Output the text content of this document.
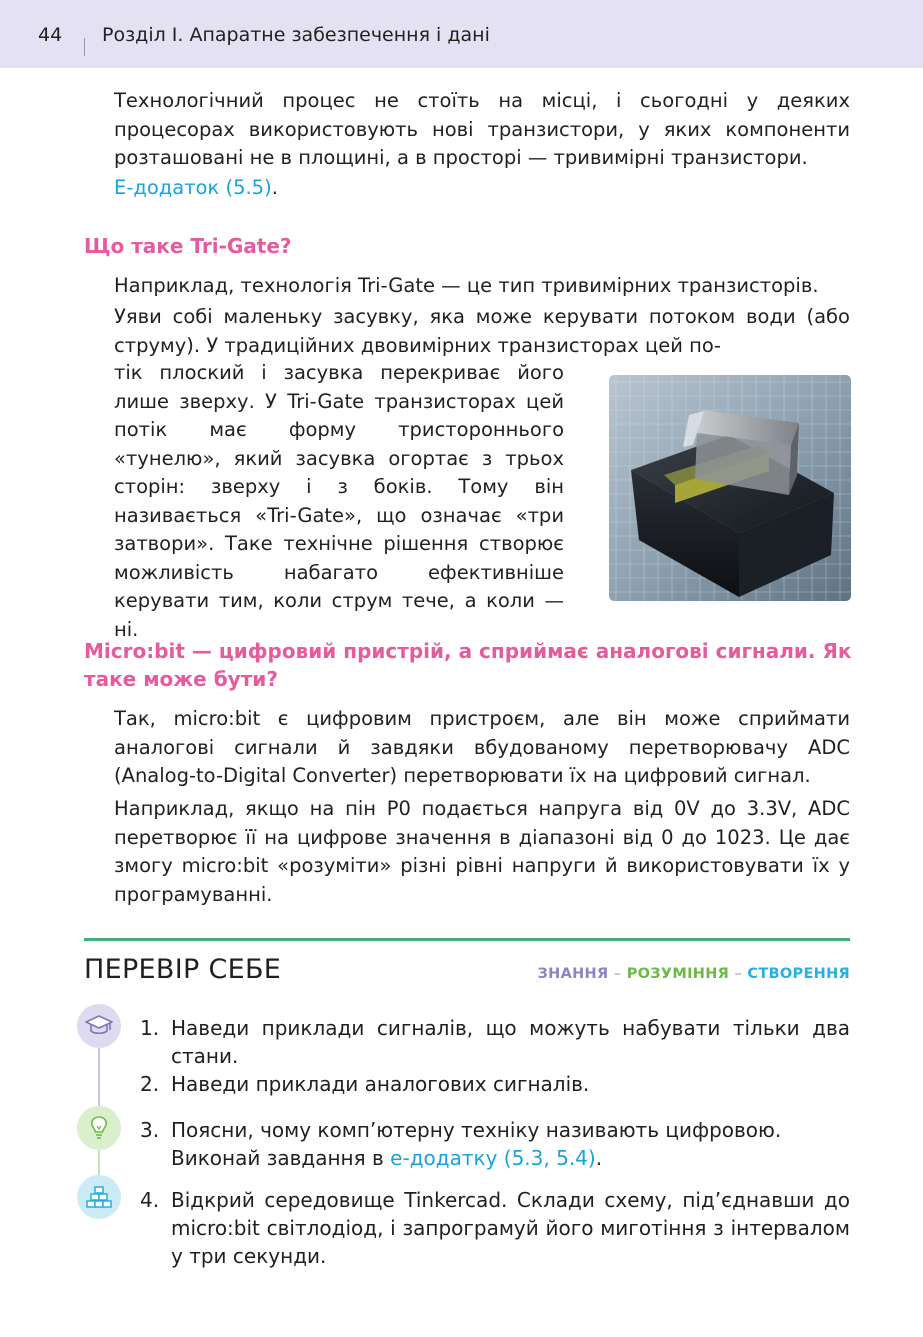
44 Розділ І. Апаратне забезпечення і дані
Технологічний процес не стоїть на місці, і сьогодні у деяких процесорах використовують нові транзистори, у яких компоненти розташовані не в площині, а в просторі — тривимірні транзистори.
Е-додаток (5.5).
Що таке Tri-Gate?
Наприклад, технологія Tri-Gate — це тип тривимірних транзисторів.
Уяви собі маленьку засувку, яка може керувати потоком води (або струму). У традиційних двовимірних транзисторах цей по-
тік плоский і засувка перекриває його лише зверху. У Tri-Gate транзисторах цей потік має форму тристороннього «тунелю», який засувка огортає з трьох сторін: зверху і з боків. Тому він називається «Tri-Gate», що означає «три затвори». Таке технічне рішення створює можливість набагато ефективніше керувати тим, коли струм тече, а коли — ні.
Micro:bit — цифровий пристрій, а сприймає аналогові сигнали. Як таке може бути?
Так, micro:bit є цифровим пристроєм, але він може сприймати аналогові сигнали й завдяки вбудованому перетворювачу ADC (Analog-to-Digital Converter) перетворювати їх на цифровий сигнал.
Наприклад, якщо на пін P0 подається напруга від 0V до 3.3V, ADC перетворює її на цифрове значення в діапазоні від 0 до 1023. Це дає змогу micro:bit «розуміти» різні рівні напруги й використовувати їх у програмуванні.
ПЕРЕВІР СЕБЕ	ЗНАННЯ – РОЗУМІННЯ – СТВОРЕННЯ
1. Наведи приклади сигналів, що можуть набувати тільки два стани.
2. Наведи приклади аналогових сигналів.
3. Поясни, чому комп’ютерну техніку називають цифровою. Виконай завдання в е-додатку (5.3, 5.4).
4. Відкрий середовище Tinkercad. Склади схему, під’єднавши до micro:bit світлодіод, і запрограмуй його миготіння з інтервалом у три секунди.
